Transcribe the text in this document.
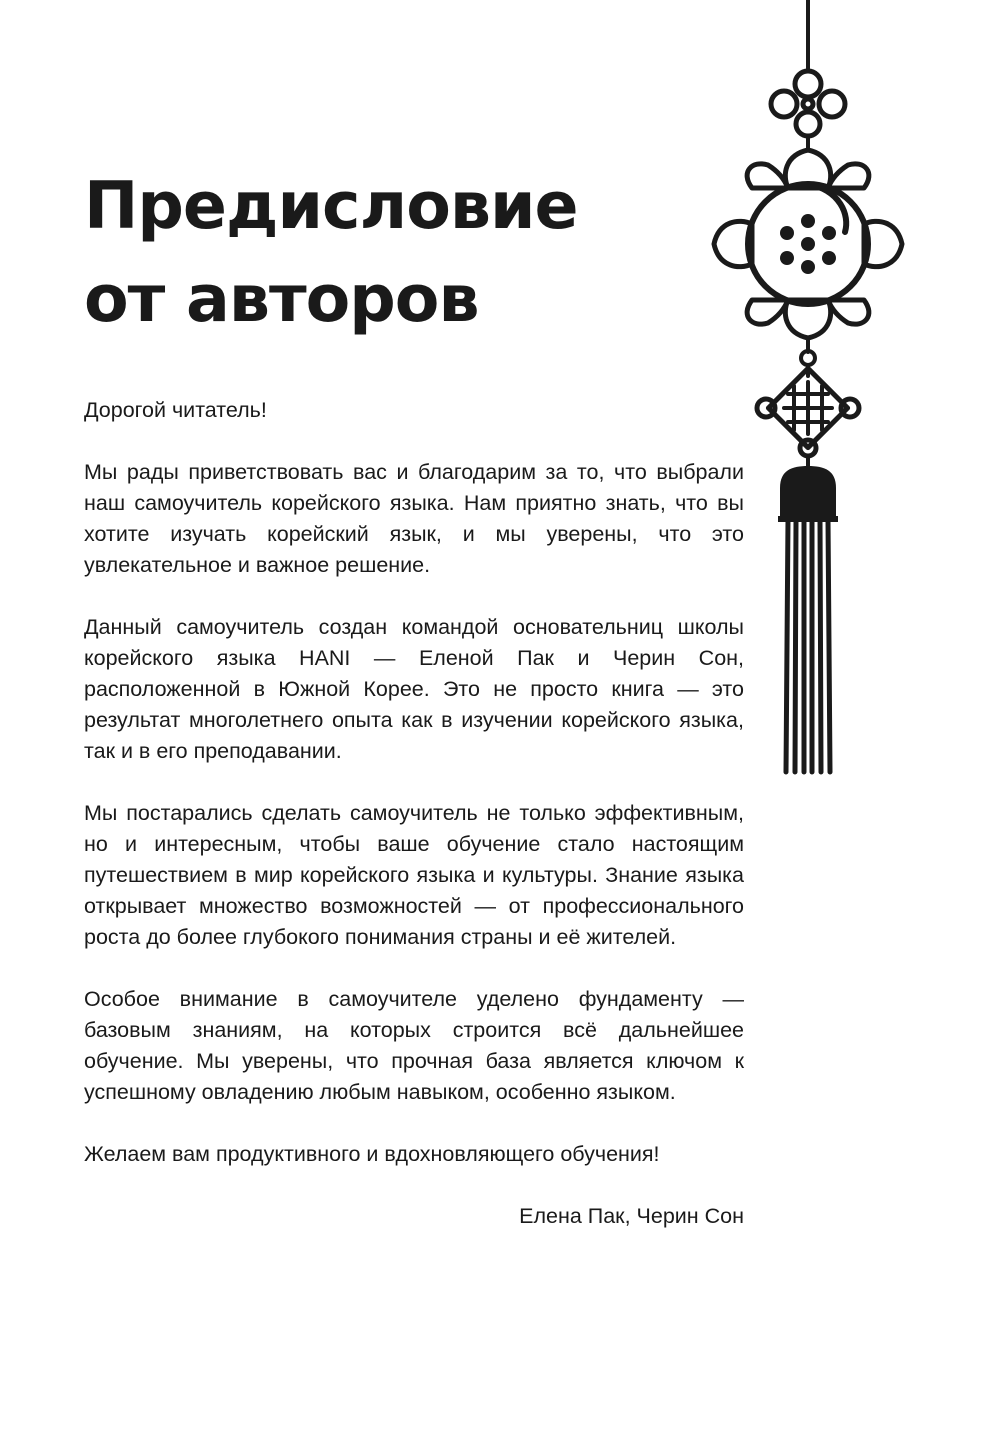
Предисловие
от авторов

Дорогой читатель!

Мы рады приветствовать вас и благодарим за то, что выбрали наш самоучитель корейского языка. Нам приятно знать, что вы хотите изучать корейский язык, и мы уверены, что это увлекательное и важное решение.

Данный самоучитель создан командой основательниц школы корейского языка HANI — Еленой Пак и Черин Сон, расположенной в Южной Корее. Это не просто книга — это результат многолетнего опыта как в изучении корейского языка, так и в его преподавании.

Мы постарались сделать самоучитель не только эффективным, но и интересным, чтобы ваше обучение стало настоящим путешествием в мир корейского языка и культуры. Знание языка открывает множество возможностей — от профессионального роста до более глубокого понимания страны и её жителей.

Особое внимание в самоучителе уделено фундаменту — базовым знаниям, на которых строится всё дальнейшее обучение. Мы уверены, что прочная база является ключом к успешному овладению любым навыком, особенно языком.

Желаем вам продуктивного и вдохновляющего обучения!

Елена Пак, Черин Сон
